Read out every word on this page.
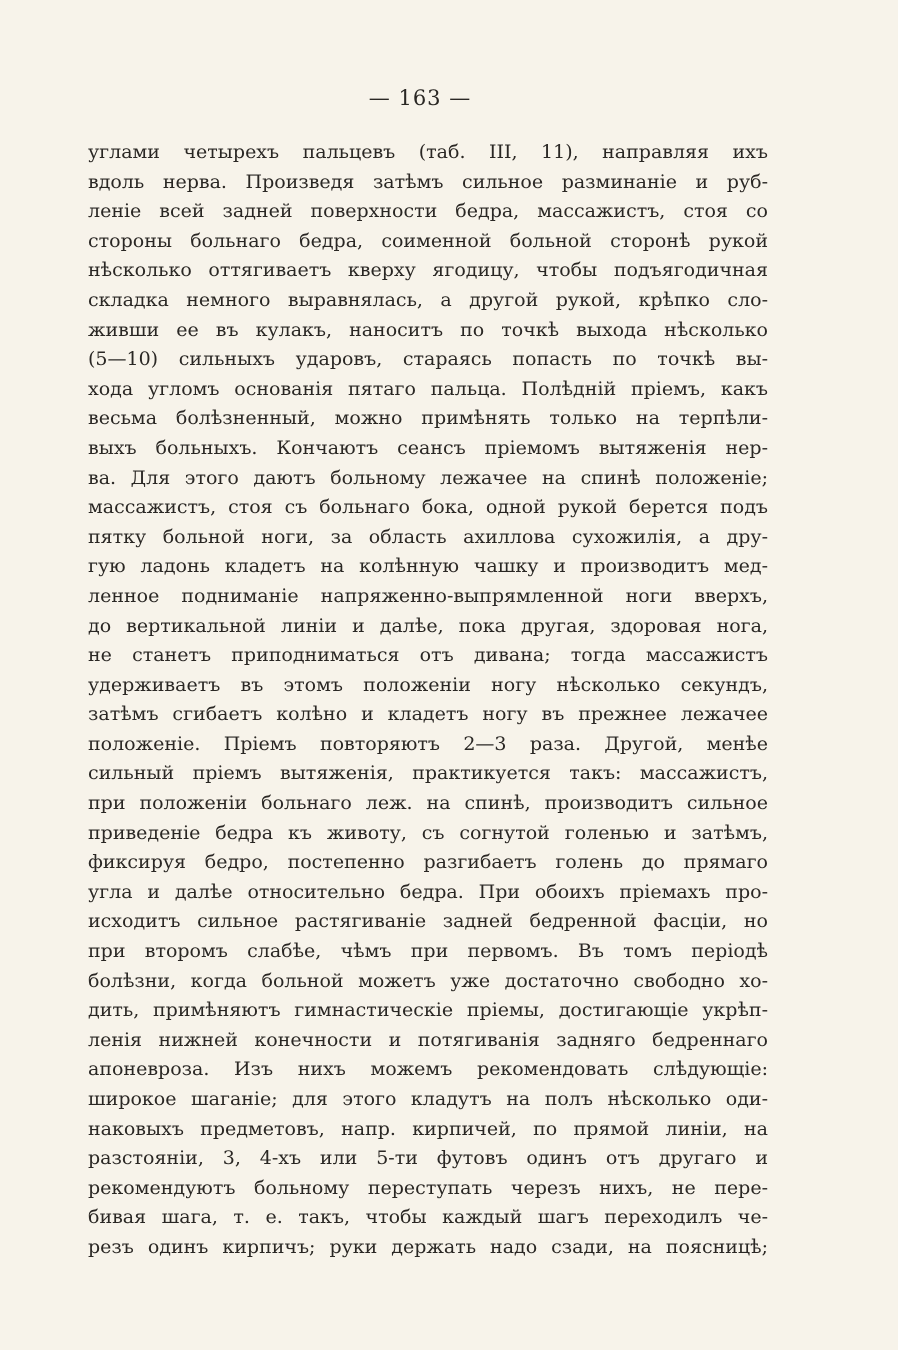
— 163 —
углами четырехъ пальцевъ (таб. III, 11), направляя ихъ
вдоль нерва. Произведя затѣмъ сильное разминаніе и руб-
леніе всей задней поверхности бедра, массажистъ, стоя со
стороны больнаго бедра, соименной больной сторонѣ рукой
нѣсколько оттягиваетъ кверху ягодицу, чтобы подъягодичная
складка немного выравнялась, а другой рукой, крѣпко сло-
живши ее въ кулакъ, наноситъ по точкѣ выхода нѣсколько
(5—10) сильныхъ ударовъ, стараясь попасть по точкѣ вы-
хода угломъ основанія пятаго пальца. Полѣдній пріемъ, какъ
весьма болѣзненный, можно примѣнять только на терпѣли-
выхъ больныхъ. Кончаютъ сеансъ пріемомъ вытяженія нер-
ва. Для этого даютъ больному лежачее на спинѣ положеніе;
массажистъ, стоя съ больнаго бока, одной рукой берется подъ
пятку больной ноги, за область ахиллова сухожилія, а дру-
гую ладонь кладетъ на колѣнную чашку и производитъ мед-
ленное подниманіе напряженно-выпрямленной ноги вверхъ,
до вертикальной линіи и далѣе, пока другая, здоровая нога,
не станетъ приподниматься отъ дивана; тогда массажистъ
удерживаетъ въ этомъ положеніи ногу нѣсколько секундъ,
затѣмъ сгибаетъ колѣно и кладетъ ногу въ прежнее лежачее
положеніе. Пріемъ повторяютъ 2—3 раза. Другой, менѣе
сильный пріемъ вытяженія, практикуется такъ: массажистъ,
при положеніи больнаго леж. на спинѣ, производитъ сильное
приведеніе бедра къ животу, съ согнутой голенью и затѣмъ,
фиксируя бедро, постепенно разгибаетъ голень до прямаго
угла и далѣе относительно бедра. При обоихъ пріемахъ про-
исходитъ сильное растягиваніе задней бедренной фасціи, но
при второмъ слабѣе, чѣмъ при первомъ. Въ томъ періодѣ
болѣзни, когда больной можетъ уже достаточно свободно хо-
дить, примѣняютъ гимнастическіе пріемы, достигающіе укрѣп-
ленія нижней конечности и потягиванія задняго бедреннаго
апоневроза. Изъ нихъ можемъ рекомендовать слѣдующіе:
широкое шаганіе; для этого кладутъ на полъ нѣсколько оди-
наковыхъ предметовъ, напр. кирпичей, по прямой линіи, на
разстояніи, 3, 4-хъ или 5-ти футовъ одинъ отъ другаго и
рекомендуютъ больному переступать черезъ нихъ, не пере-
бивая шага, т. е. такъ, чтобы каждый шагъ переходилъ че-
резъ одинъ кирпичъ; руки держать надо сзади, на поясницѣ;
